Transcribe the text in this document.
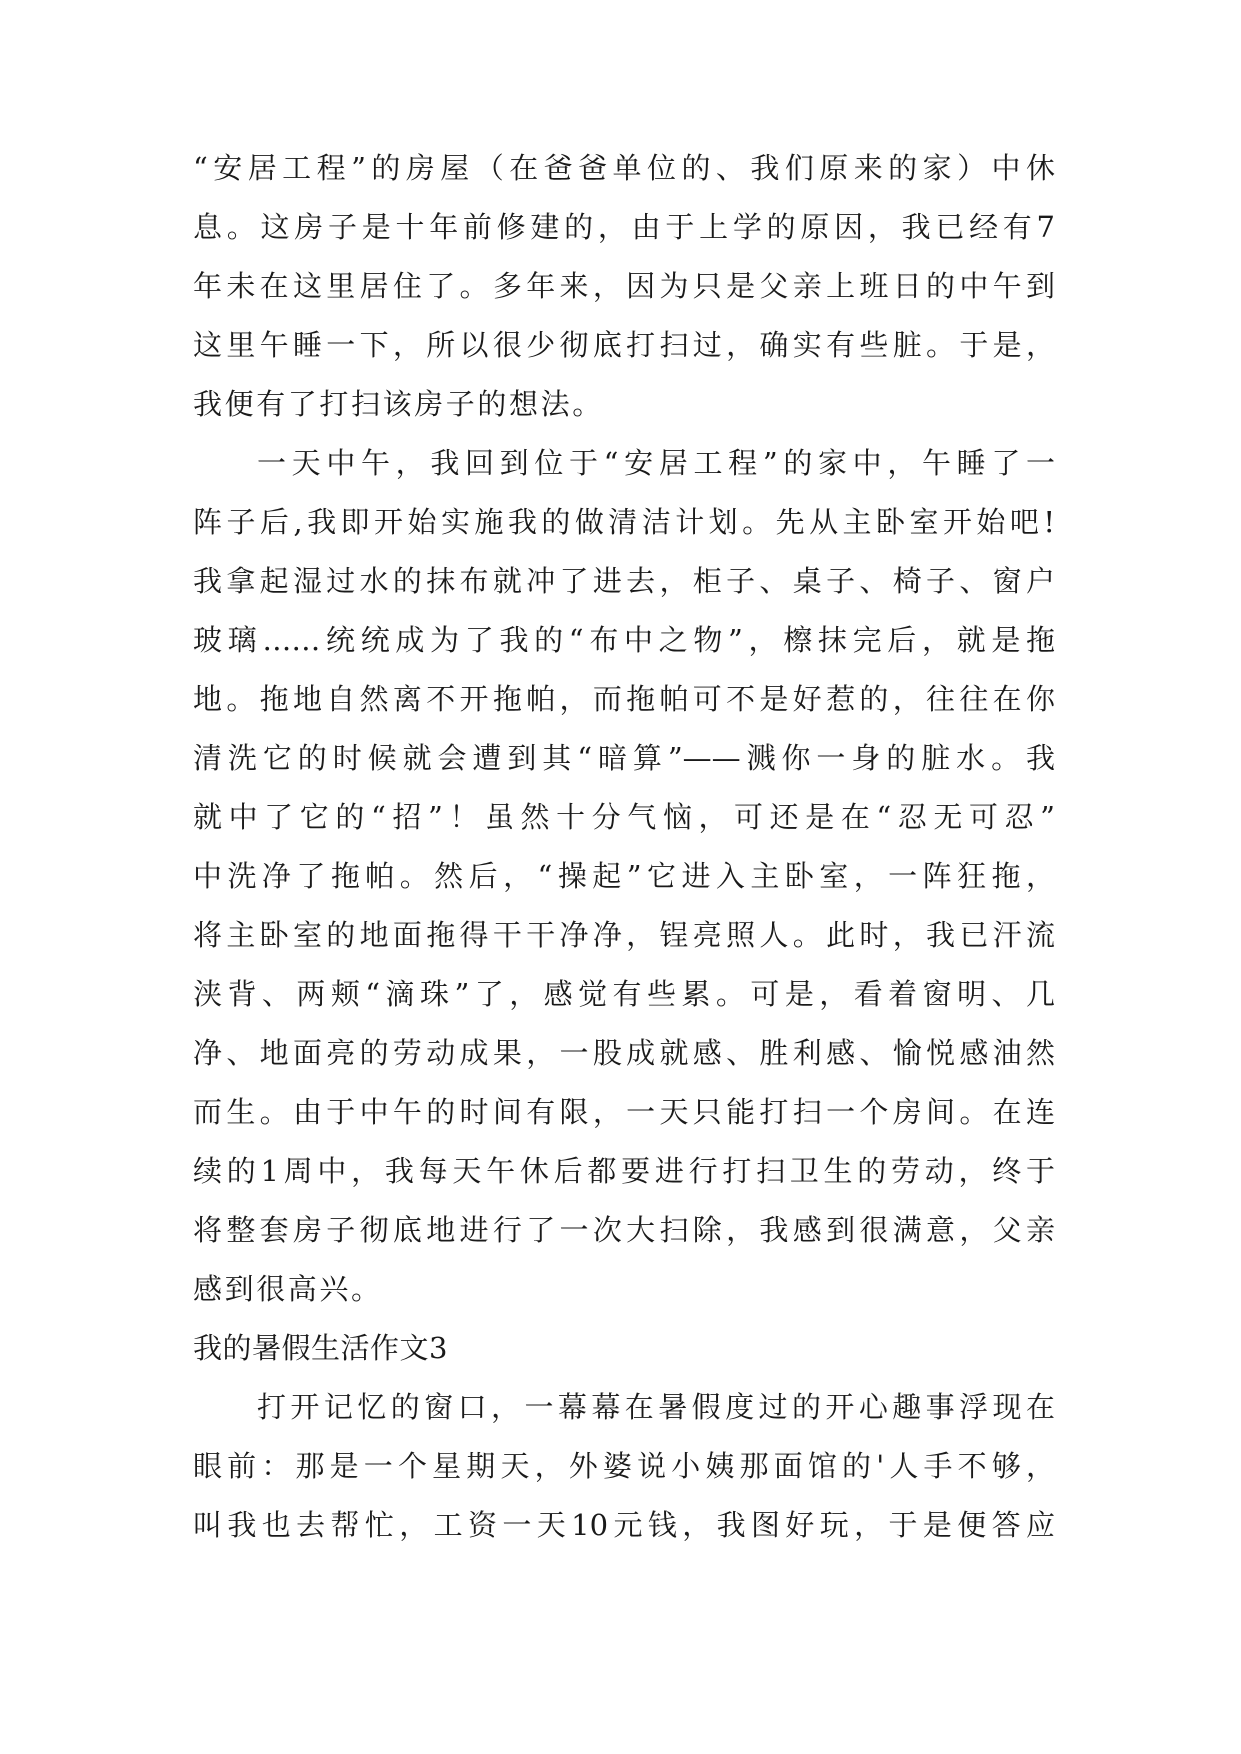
“安居工程”的房屋（在爸爸单位的、我们原来的家）中休
息。这房子是十年前修建的，由于上学的原因，我已经有7
年未在这里居住了。多年来，因为只是父亲上班日的中午到
这里午睡一下，所以很少彻底打扫过，确实有些脏。于是，
我便有了打扫该房子的想法。
一天中午，我回到位于“安居工程”的家中，午睡了一
阵子后,我即开始实施我的做清洁计划。先从主卧室开始吧!
我拿起湿过水的抹布就冲了进去，柜子、桌子、椅子、窗户
玻璃……统统成为了我的“布中之物”，檫抹完后，就是拖
地。拖地自然离不开拖帕，而拖帕可不是好惹的，往往在你
清洗它的时候就会遭到其“暗算”——溅你一身的脏水。我
就中了它的“招”！虽然十分气恼，可还是在“忍无可忍”
中洗净了拖帕。然后，“操起”它进入主卧室，一阵狂拖，
将主卧室的地面拖得干干净净，锃亮照人。此时，我已汗流
浃背、两颊“滴珠”了，感觉有些累。可是，看着窗明、几
净、地面亮的劳动成果，一股成就感、胜利感、愉悦感油然
而生。由于中午的时间有限，一天只能打扫一个房间。在连
续的1周中，我每天午休后都要进行打扫卫生的劳动，终于
将整套房子彻底地进行了一次大扫除，我感到很满意，父亲
感到很高兴。
我的暑假生活作文3
打开记忆的窗口，一幕幕在暑假度过的开心趣事浮现在
眼前：那是一个星期天，外婆说小姨那面馆的'人手不够，
叫我也去帮忙，工资一天10元钱，我图好玩，于是便答应
